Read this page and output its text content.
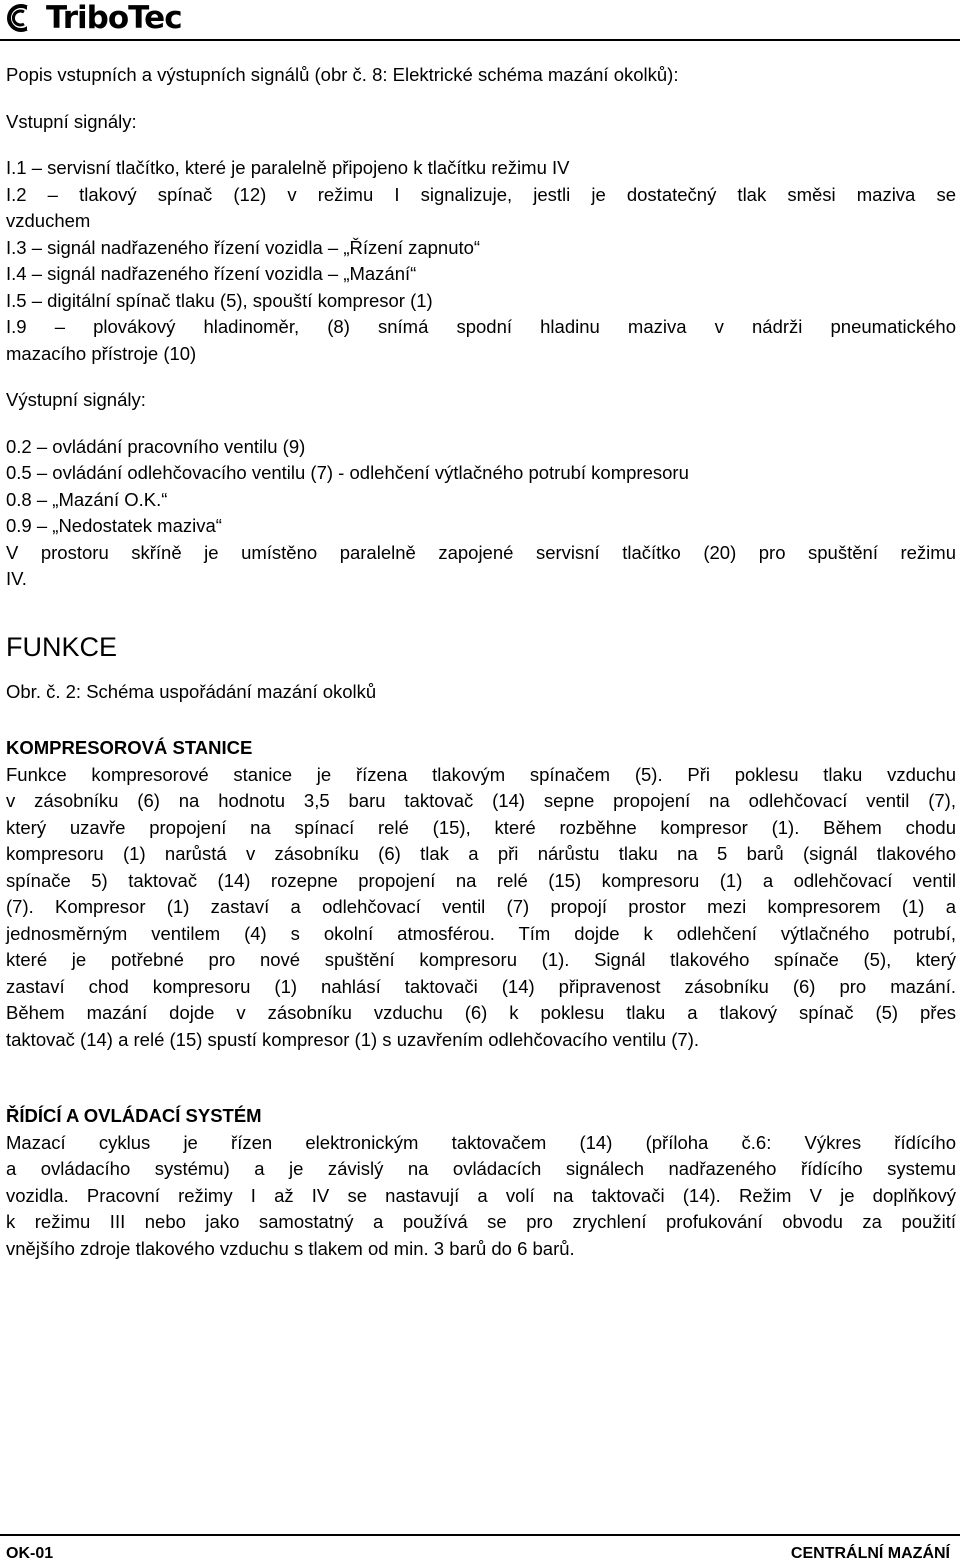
TriboTec

Popis vstupních a výstupních signálů (obr č. 8: Elektrické schéma mazání okolků):

Vstupní signály:

I.1 – servisní tlačítko, které je paralelně připojeno k tlačítku režimu IV

I.2 – tlakový spínač (12) v režimu I signalizuje, jestli je dostatečný tlak směsi maziva se

vzduchem

I.3 – signál nadřazeného řízení vozidla – „Řízení zapnuto“

I.4 – signál nadřazeného řízení vozidla – „Mazání“

I.5 – digitální spínač tlaku (5), spouští kompresor (1)

I.9 – plovákový hladinoměr, (8) snímá spodní hladinu maziva v nádrži pneumatického

mazacího přístroje (10)

Výstupní signály:

0.2 – ovládání pracovního ventilu (9)

0.5 – ovládání odlehčovacího ventilu (7) - odlehčení výtlačného potrubí kompresoru

0.8 – „Mazání O.K.“

0.9 – „Nedostatek maziva“

V prostoru skříně je umístěno paralelně zapojené servisní tlačítko (20) pro spuštění režimu

IV.

FUNKCE

Obr. č. 2: Schéma uspořádání mazání okolků

KOMPRESOROVÁ STANICE

Funkce kompresorové stanice je řízena tlakovým spínačem (5). Při poklesu tlaku vzduchu

v zásobníku (6) na hodnotu 3,5 baru taktovač (14) sepne propojení na odlehčovací ventil (7),

který uzavře propojení na spínací relé (15), které rozběhne kompresor (1). Během chodu

kompresoru (1) narůstá v zásobníku (6) tlak a při nárůstu tlaku na 5 barů (signál tlakového

spínače 5) taktovač (14) rozepne propojení na relé (15) kompresoru (1) a odlehčovací ventil

(7). Kompresor (1) zastaví a odlehčovací ventil (7) propojí prostor mezi kompresorem (1) a

jednosměrným ventilem (4) s okolní atmosférou. Tím dojde k odlehčení výtlačného potrubí,

které je potřebné pro nové spuštění kompresoru (1). Signál tlakového spínače (5), který

zastaví chod kompresoru (1) nahlásí taktovači (14) připravenost zásobníku (6) pro mazání.

Během mazání dojde v zásobníku vzduchu (6) k poklesu tlaku a tlakový spínač (5) přes

taktovač (14) a relé (15) spustí kompresor (1) s uzavřením odlehčovacího ventilu (7).

ŘÍDÍCÍ A OVLÁDACÍ SYSTÉM

Mazací cyklus je řízen elektronickým taktovačem (14) (příloha č.6: Výkres řídícího

a ovládacího systému) a je závislý na ovládacích signálech nadřazeného řídícího systemu

vozidla. Pracovní režimy I až IV se nastavují a volí na taktovači (14). Režim V je doplňkový

k režimu III nebo jako samostatný a používá se pro zrychlení profukování obvodu za použití

vnějšího zdroje tlakového vzduchu s tlakem od min. 3 barů do 6 barů.

OK-01	CENTRÁLNÍ MAZÁNÍ
